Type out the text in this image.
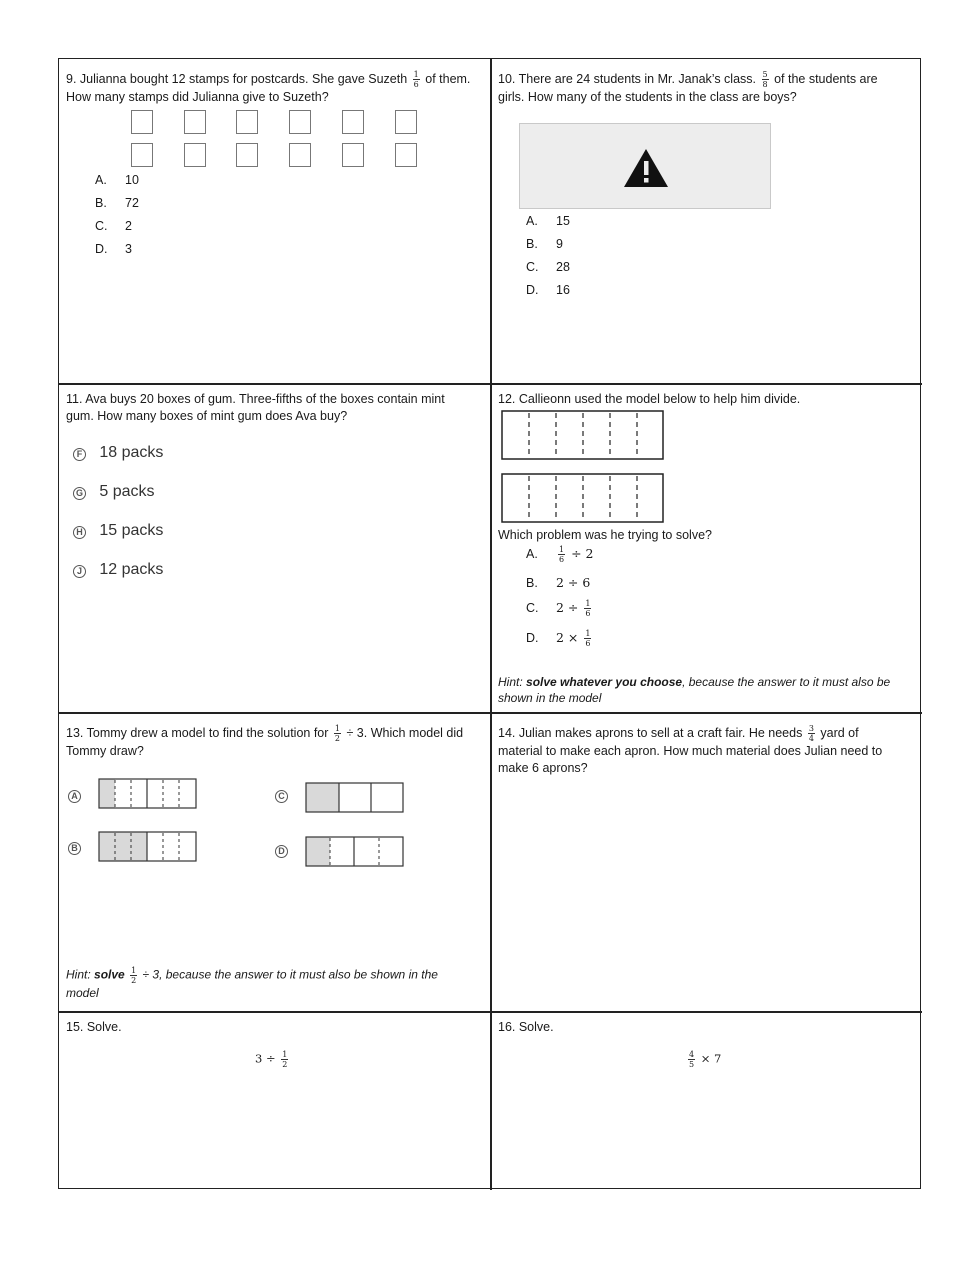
9. Julianna bought 12 stamps for postcards. She gave Suzeth $\frac{1}{6}$ of them.
How many stamps did Julianna give to Suzeth?
A. 10
B. 72
C. 2
D. 3
10. There are 24 students in Mr. Janak’s class. $\frac{5}{8}$ of the students are
girls. How many of the students in the class are boys?
A. 15
B. 9
C. 28
D. 16
11. Ava buys 20 boxes of gum. Three-fifths of the boxes contain mint
gum. How many boxes of mint gum does Ava buy?
F 18 packs
G 5 packs
H 15 packs
J 12 packs
12. Callieonn used the model below to help him divide.
Which problem was he trying to solve?
A.	$\frac{1}{6} \div 2$
B. 2 ÷ 6
C. $2 \div \frac{1}{6}$
D. $2 \times \frac{1}{6}$
Hint: solve whatever you choose, because the answer to it must also be
shown in the model
13. Tommy drew a model to find the solution for $\frac{1}{2} \div 3$. Which model did
Tommy draw?
A
B
C
D
Hint: solve $\frac{1}{2} \div 3$, because the answer to it must also be shown in the
model
14. Julian makes aprons to sell at a craft fair. He needs $\frac{3}{4}$ yard of
material to make each apron. How much material does Julian need to
make 6 aprons?
15. Solve.
$3 \div \frac{1}{2}$
16. Solve.
$\frac{4}{5} \times 7$
